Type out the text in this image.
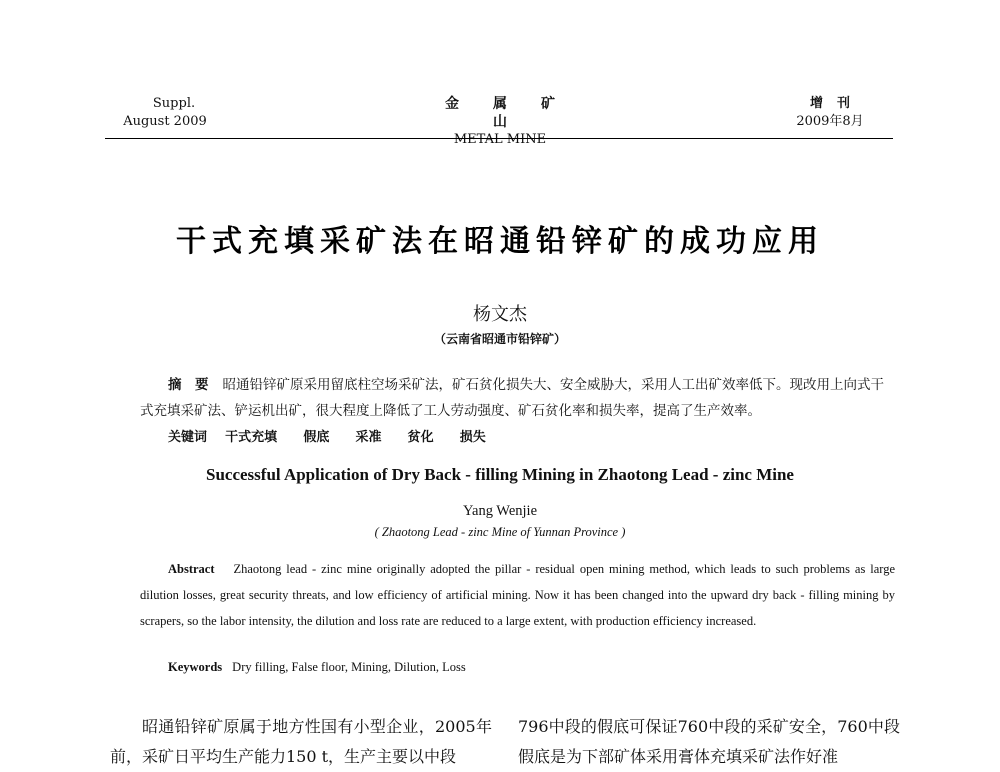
Suppl.
August 2009
金属矿山
METAL MINE
增刊
2009年8月
干式充填采矿法在昭通铅锌矿的成功应用
杨文杰
（云南省昭通市铅锌矿）
摘　要 昭通铅锌矿原采用留底柱空场采矿法，矿石贫化损失大、安全威胁大，采用人工出矿效率低下。现改用上向式干式充填采矿法、铲运机出矿，很大程度上降低了工人劳动强度、矿石贫化率和损失率，提高了生产效率。
关键词 干式充填 假底 采准 贫化 损失
Successful Application of Dry Back - filling Mining in Zhaotong Lead - zinc Mine
Yang Wenjie
( Zhaotong Lead - zinc Mine of Yunnan Province )
Abstract Zhaotong lead - zinc mine originally adopted the pillar - residual open mining method, which leads to such problems as large dilution losses, great security threats, and low efficiency of artificial mining. Now it has been changed into the upward dry back - filling mining by scrapers, so the labor intensity, the dilution and loss rate are reduced to a large extent, with production efficiency increased.
Keywords Dry filling, False floor, Mining, Dilution, Loss
昭通铅锌矿原属于地方性国有小型企业，2005年前，采矿日平均生产能力150 t，生产主要以中段
796中段的假底可保证760中段的采矿安全，760中段假底是为下部矿体采用膏体充填采矿法作好准
